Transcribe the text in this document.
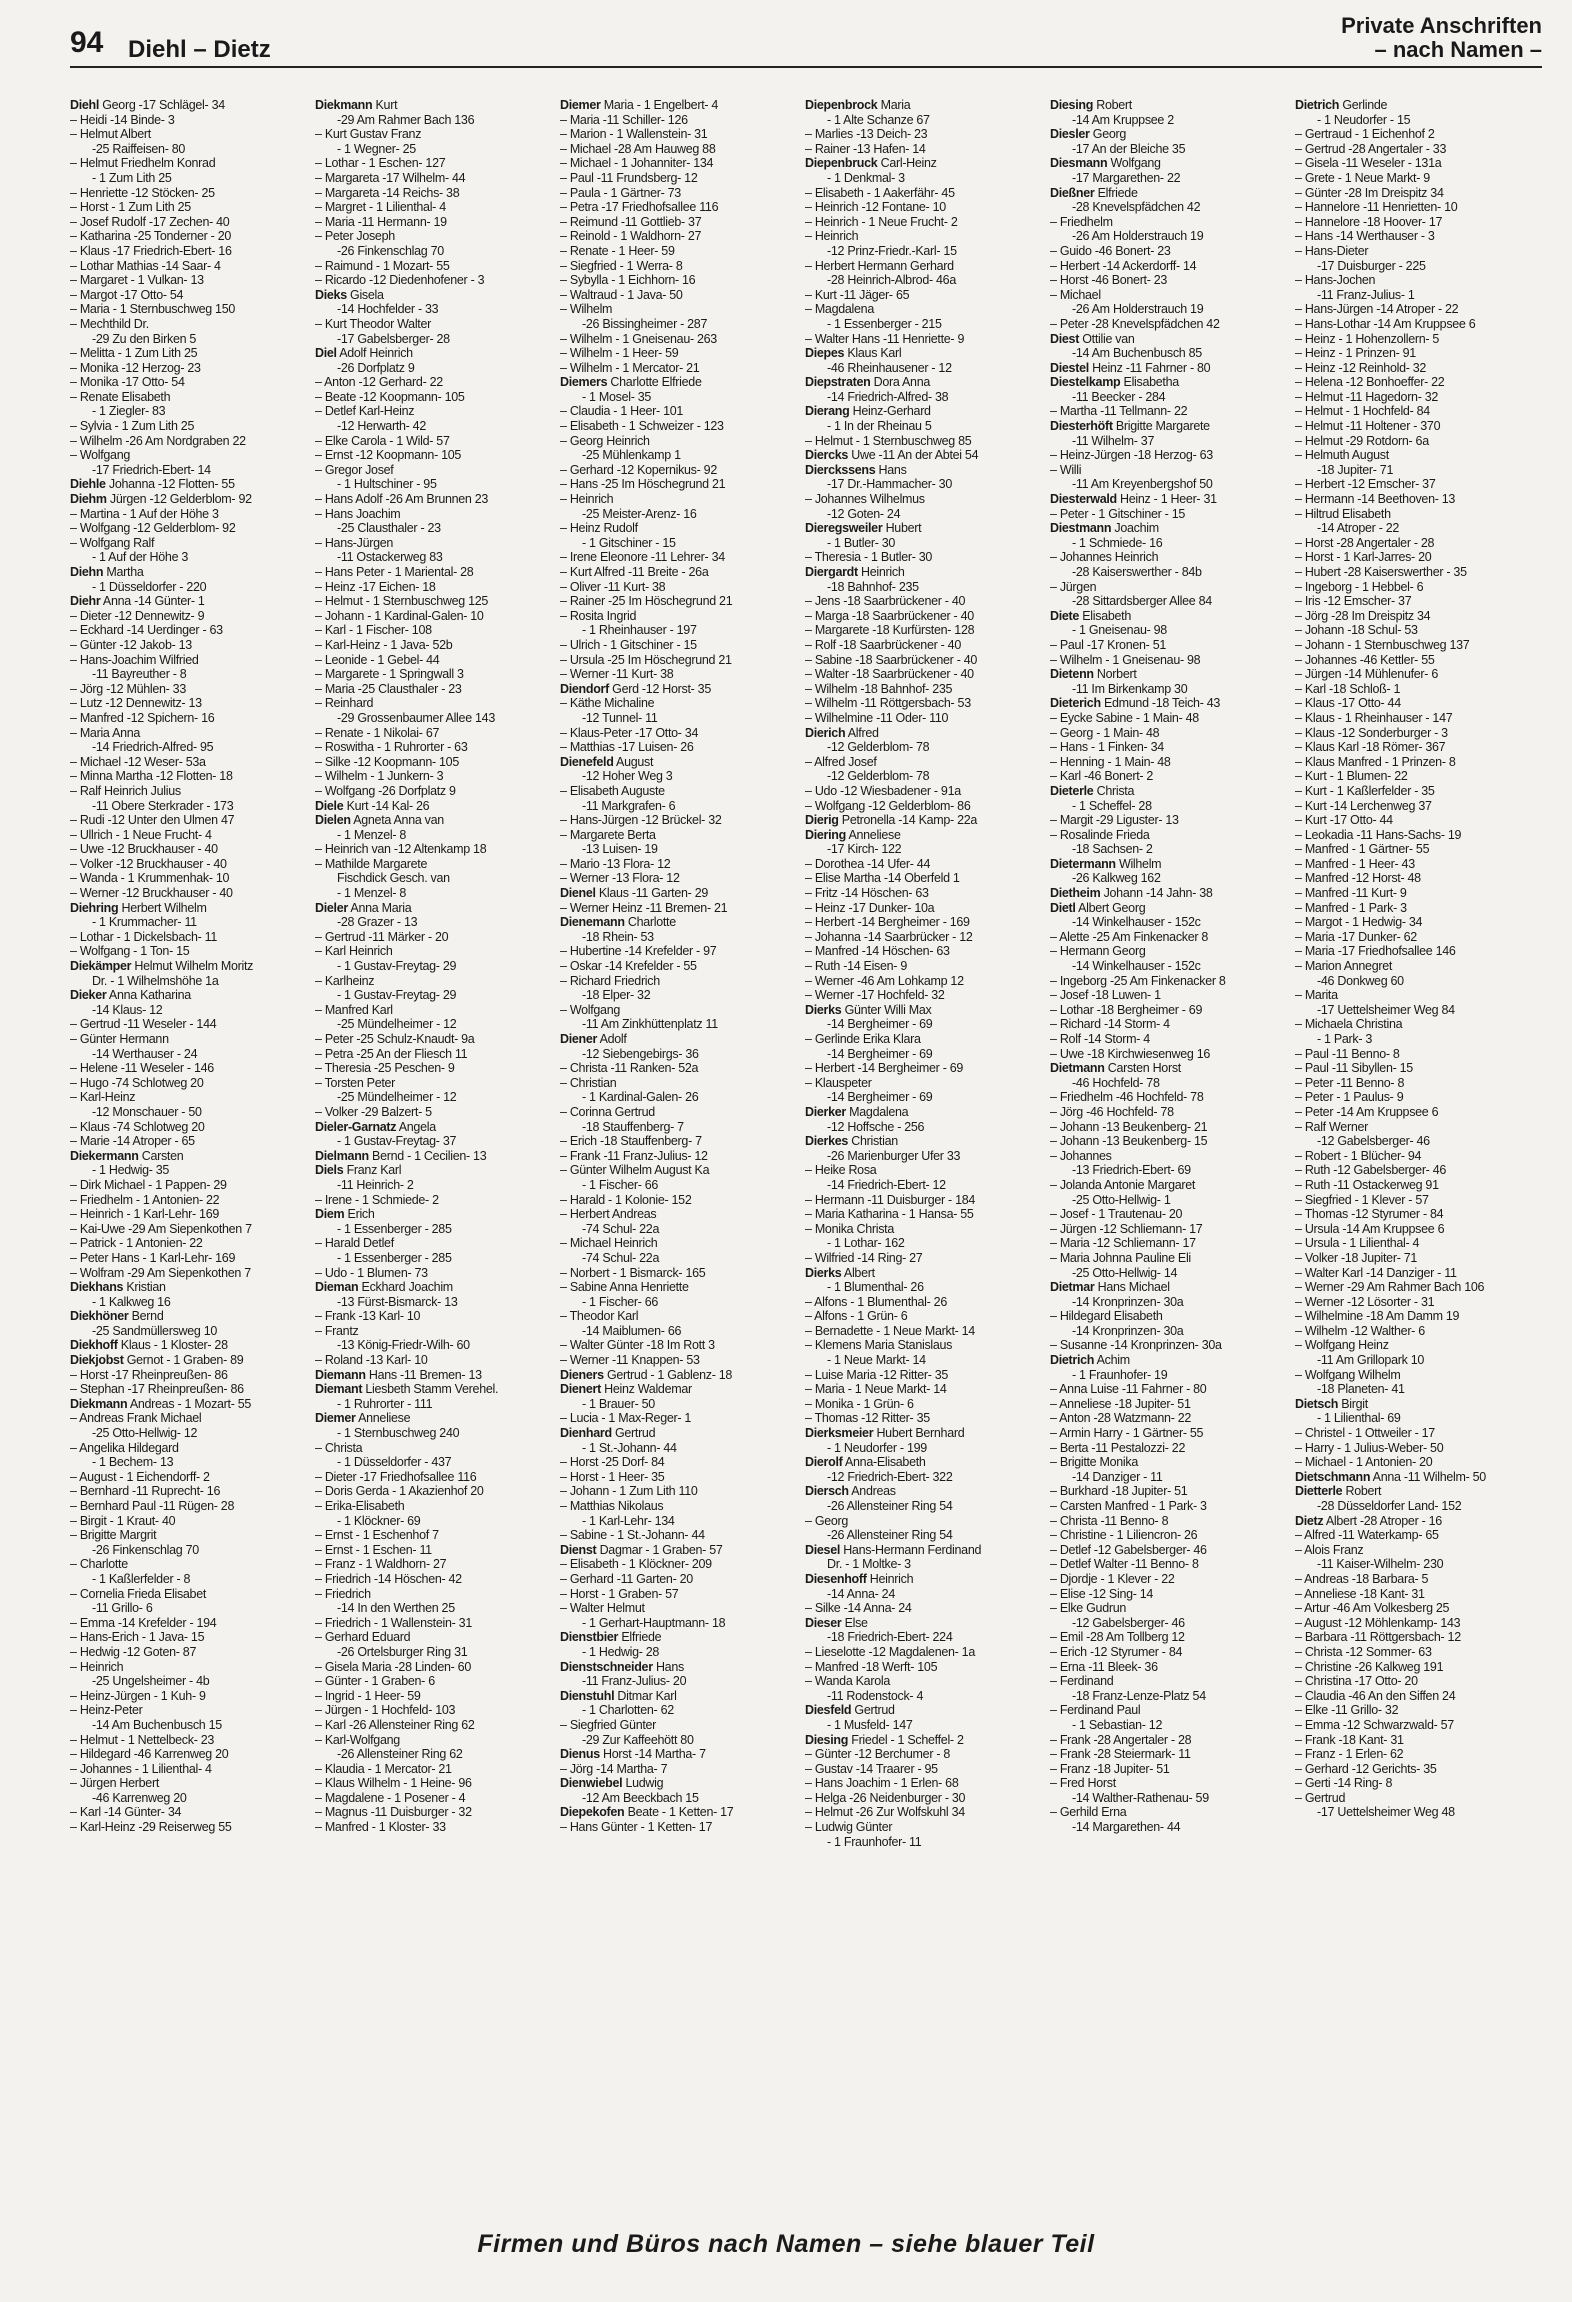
94 Diehl – Dietz
Private Anschriften
– nach Namen –
Diehl Georg -17 Schlägel- 34
– Heidi -14 Binde- 3
– Helmut Albert
-25 Raiffeisen- 80
– Helmut Friedhelm Konrad
- 1 Zum Lith 25
– Henriette -12 Stöcken- 25
– Horst - 1 Zum Lith 25
– Josef Rudolf -17 Zechen- 40
– Katharina -25 Tonderner - 20
– Klaus -17 Friedrich-Ebert- 16
– Lothar Mathias -14 Saar- 4
– Margaret - 1 Vulkan- 13
– Margot -17 Otto- 54
– Maria - 1 Sternbuschweg 150
– Mechthild Dr.
-29 Zu den Birken 5
– Melitta - 1 Zum Lith 25
– Monika -12 Herzog- 23
– Monika -17 Otto- 54
– Renate Elisabeth
- 1 Ziegler- 83
– Sylvia - 1 Zum Lith 25
– Wilhelm -26 Am Nordgraben 22
– Wolfgang
-17 Friedrich-Ebert- 14
Diehle Johanna -12 Flotten- 55
Diehm Jürgen -12 Gelderblom- 92
– Martina - 1 Auf der Höhe 3
– Wolfgang -12 Gelderblom- 92
– Wolfgang Ralf
- 1 Auf der Höhe 3
Diehn Martha
- 1 Düsseldorfer - 220
Diehr Anna -14 Günter- 1
– Dieter -12 Dennewitz- 9
– Eckhard -14 Uerdinger - 63
– Günter -12 Jakob- 13
– Hans-Joachim Wilfried
-11 Bayreuther - 8
– Jörg -12 Mühlen- 33
– Lutz -12 Dennewitz- 13
– Manfred -12 Spichern- 16
– Maria Anna
-14 Friedrich-Alfred- 95
– Michael -12 Weser- 53a
– Minna Martha -12 Flotten- 18
– Ralf Heinrich Julius
-11 Obere Sterkrader - 173
– Rudi -12 Unter den Ulmen 47
– Ullrich - 1 Neue Frucht- 4
– Uwe -12 Bruckhauser - 40
– Volker -12 Bruckhauser - 40
– Wanda - 1 Krummenhak- 10
– Werner -12 Bruckhauser - 40
Diehring Herbert Wilhelm
- 1 Krummacher- 11
– Lothar - 1 Dickelsbach- 11
– Wolfgang - 1 Ton- 15
Diekämper Helmut Wilhelm Moritz
Dr. - 1 Wilhelmshöhe 1a
Dieker Anna Katharina
-14 Klaus- 12
– Gertrud -11 Weseler - 144
– Günter Hermann
-14 Werthauser - 24
– Helene -11 Weseler - 146
– Hugo -74 Schlotweg 20
– Karl-Heinz
-12 Monschauer - 50
– Klaus -74 Schlotweg 20
– Marie -14 Atroper - 65
Diekermann Carsten
- 1 Hedwig- 35
– Dirk Michael - 1 Pappen- 29
– Friedhelm - 1 Antonien- 22
– Heinrich - 1 Karl-Lehr- 169
– Kai-Uwe -29 Am Siepenkothen 7
– Patrick - 1 Antonien- 22
– Peter Hans - 1 Karl-Lehr- 169
– Wolfram -29 Am Siepenkothen 7
Diekhans Kristian
- 1 Kalkweg 16
Diekhöner Bernd
-25 Sandmüllersweg 10
Diekhoff Klaus - 1 Kloster- 28
Diekjobst Gernot - 1 Graben- 89
– Horst -17 Rheinpreußen- 86
– Stephan -17 Rheinpreußen- 86
Diekmann Andreas - 1 Mozart- 55
– Andreas Frank Michael
-25 Otto-Hellwig- 12
– Angelika Hildegard
- 1 Bechem- 13
– August - 1 Eichendorff- 2
– Bernhard -11 Ruprecht- 16
– Bernhard Paul -11 Rügen- 28
– Birgit - 1 Kraut- 40
– Brigitte Margrit
-26 Finkenschlag 70
– Charlotte
- 1 Kaßlerfelder - 8
– Cornelia Frieda Elisabet
-11 Grillo- 6
– Emma -14 Krefelder - 194
– Hans-Erich - 1 Java- 15
– Hedwig -12 Goten- 87
– Heinrich
-25 Ungelsheimer - 4b
– Heinz-Jürgen - 1 Kuh- 9
– Heinz-Peter
-14 Am Buchenbusch 15
– Helmut - 1 Nettelbeck- 23
– Hildegard -46 Karrenweg 20
– Johannes - 1 Lilienthal- 4
– Jürgen Herbert
-46 Karrenweg 20
– Karl -14 Günter- 34
– Karl-Heinz -29 Reiserweg 55
Diekmann Kurt
-29 Am Rahmer Bach 136
– Kurt Gustav Franz
- 1 Wegner- 25
– Lothar - 1 Eschen- 127
– Margareta -17 Wilhelm- 44
– Margareta -14 Reichs- 38
– Margret - 1 Lilienthal- 4
– Maria -11 Hermann- 19
– Peter Joseph
-26 Finkenschlag 70
– Raimund - 1 Mozart- 55
– Ricardo -12 Diedenhofener - 3
Dieks Gisela
-14 Hochfelder - 33
– Kurt Theodor Walter
-17 Gabelsberger- 28
Diel Adolf Heinrich
-26 Dorfplatz 9
– Anton -12 Gerhard- 22
– Beate -12 Koopmann- 105
– Detlef Karl-Heinz
-12 Herwarth- 42
– Elke Carola - 1 Wild- 57
– Ernst -12 Koopmann- 105
– Gregor Josef
- 1 Hultschiner - 95
– Hans Adolf -26 Am Brunnen 23
– Hans Joachim
-25 Clausthaler - 23
– Hans-Jürgen
-11 Ostackerweg 83
– Hans Peter - 1 Mariental- 28
– Heinz -17 Eichen- 18
– Helmut - 1 Sternbuschweg 125
– Johann - 1 Kardinal-Galen- 10
– Karl - 1 Fischer- 108
– Karl-Heinz - 1 Java- 52b
– Leonide - 1 Gebel- 44
– Margarete - 1 Springwall 3
– Maria -25 Clausthaler - 23
– Reinhard
-29 Grossenbaumer Allee 143
– Renate - 1 Nikolai- 67
– Roswitha - 1 Ruhrorter - 63
– Silke -12 Koopmann- 105
– Wilhelm - 1 Junkern- 3
– Wolfgang -26 Dorfplatz 9
Diele Kurt -14 Kal- 26
Dielen Agneta Anna van
- 1 Menzel- 8
– Heinrich van -12 Altenkamp 18
– Mathilde Margarete
Fischdick Gesch. van
- 1 Menzel- 8
Dieler Anna Maria
-28 Grazer - 13
– Gertrud -11 Märker - 20
– Karl Heinrich
- 1 Gustav-Freytag- 29
– Karlheinz
- 1 Gustav-Freytag- 29
– Manfred Karl
-25 Mündelheimer - 12
– Peter -25 Schulz-Knaudt- 9a
– Petra -25 An der Fliesch 11
– Theresia -25 Peschen- 9
– Torsten Peter
-25 Mündelheimer - 12
– Volker -29 Balzert- 5
Dieler-Garnatz Angela
- 1 Gustav-Freytag- 37
Dielmann Bernd - 1 Cecilien- 13
Diels Franz Karl
-11 Heinrich- 2
– Irene - 1 Schmiede- 2
Diem Erich
- 1 Essenberger - 285
– Harald Detlef
- 1 Essenberger - 285
– Udo - 1 Blumen- 73
Dieman Eckhard Joachim
-13 Fürst-Bismarck- 13
– Frank -13 Karl- 10
– Frantz
-13 König-Friedr-Wilh- 60
– Roland -13 Karl- 10
Diemann Hans -11 Bremen- 13
Diemant Liesbeth Stamm Verehel.
- 1 Ruhrorter - 111
Diemer Anneliese
- 1 Sternbuschweg 240
– Christa
- 1 Düsseldorfer - 437
– Dieter -17 Friedhofsallee 116
– Doris Gerda - 1 Akazienhof 20
– Erika-Elisabeth
- 1 Klöckner- 69
– Ernst - 1 Eschenhof 7
– Ernst - 1 Eschen- 11
– Franz - 1 Waldhorn- 27
– Friedrich -14 Höschen- 42
– Friedrich
-14 In den Werthen 25
– Friedrich - 1 Wallenstein- 31
– Gerhard Eduard
-26 Ortelsburger Ring 31
– Gisela Maria -28 Linden- 60
– Günter - 1 Graben- 6
– Ingrid - 1 Heer- 59
– Jürgen - 1 Hochfeld- 103
– Karl -26 Allensteiner Ring 62
– Karl-Wolfgang
-26 Allensteiner Ring 62
– Klaudia - 1 Mercator- 21
– Klaus Wilhelm - 1 Heine- 96
– Magdalene - 1 Posener - 4
– Magnus -11 Duisburger - 32
– Manfred - 1 Kloster- 33
Diemer Maria - 1 Engelbert- 4
– Maria -11 Schiller- 126
– Marion - 1 Wallenstein- 31
– Michael -28 Am Hauweg 88
– Michael - 1 Johanniter- 134
– Paul -11 Frundsberg- 12
– Paula - 1 Gärtner- 73
– Petra -17 Friedhofsallee 116
– Reimund -11 Gottlieb- 37
– Reinold - 1 Waldhorn- 27
– Renate - 1 Heer- 59
– Siegfried - 1 Werra- 8
– Sybylla - 1 Eichhorn- 16
– Waltraud - 1 Java- 50
– Wilhelm
-26 Bissingheimer - 287
– Wilhelm - 1 Gneisenau- 263
– Wilhelm - 1 Heer- 59
– Wilhelm - 1 Mercator- 21
Diemers Charlotte Elfriede
- 1 Mosel- 35
– Claudia - 1 Heer- 101
– Elisabeth - 1 Schweizer - 123
– Georg Heinrich
-25 Mühlenkamp 1
– Gerhard -12 Kopernikus- 92
– Hans -25 Im Höschegrund 21
– Heinrich
-25 Meister-Arenz- 16
– Heinz Rudolf
- 1 Gitschiner - 15
– Irene Eleonore -11 Lehrer- 34
– Kurt Alfred -11 Breite - 26a
– Oliver -11 Kurt- 38
– Rainer -25 Im Höschegrund 21
– Rosita Ingrid
- 1 Rheinhauser - 197
– Ulrich - 1 Gitschiner - 15
– Ursula -25 Im Höschegrund 21
– Werner -11 Kurt- 38
Diendorf Gerd -12 Horst- 35
– Käthe Michaline
-12 Tunnel- 11
– Klaus-Peter -17 Otto- 34
– Matthias -17 Luisen- 26
Dienefeld August
-12 Hoher Weg 3
– Elisabeth Auguste
-11 Markgrafen- 6
– Hans-Jürgen -12 Brückel- 32
– Margarete Berta
-13 Luisen- 19
– Mario -13 Flora- 12
– Werner -13 Flora- 12
Dienel Klaus -11 Garten- 29
– Werner Heinz -11 Bremen- 21
Dienemann Charlotte
-18 Rhein- 53
– Hubertine -14 Krefelder - 97
– Oskar -14 Krefelder - 55
– Richard Friedrich
-18 Elper- 32
– Wolfgang
-11 Am Zinkhüttenplatz 11
Diener Adolf
-12 Siebengebirgs- 36
– Christa -11 Ranken- 52a
– Christian
- 1 Kardinal-Galen- 26
– Corinna Gertrud
-18 Stauffenberg- 7
– Erich -18 Stauffenberg- 7
– Frank -11 Franz-Julius- 12
– Günter Wilhelm August Ka
- 1 Fischer- 66
– Harald - 1 Kolonie- 152
– Herbert Andreas
-74 Schul- 22a
– Michael Heinrich
-74 Schul- 22a
– Norbert - 1 Bismarck- 165
– Sabine Anna Henriette
- 1 Fischer- 66
– Theodor Karl
-14 Maiblumen- 66
– Walter Günter -18 Im Rott 3
– Werner -11 Knappen- 53
Dieners Gertrud - 1 Gablenz- 18
Dienert Heinz Waldemar
- 1 Brauer- 50
– Lucia - 1 Max-Reger- 1
Dienhard Gertrud
- 1 St.-Johann- 44
– Horst -25 Dorf- 84
– Horst - 1 Heer- 35
– Johann - 1 Zum Lith 110
– Matthias Nikolaus
- 1 Karl-Lehr- 134
– Sabine - 1 St.-Johann- 44
Dienst Dagmar - 1 Graben- 57
– Elisabeth - 1 Klöckner- 209
– Gerhard -11 Garten- 20
– Horst - 1 Graben- 57
– Walter Helmut
- 1 Gerhart-Hauptmann- 18
Dienstbier Elfriede
- 1 Hedwig- 28
Dienstschneider Hans
-11 Franz-Julius- 20
Dienstuhl Ditmar Karl
- 1 Charlotten- 62
– Siegfried Günter
-29 Zur Kaffeehött 80
Dienus Horst -14 Martha- 7
– Jörg -14 Martha- 7
Dienwiebel Ludwig
-12 Am Beeckbach 15
Diepekofen Beate - 1 Ketten- 17
– Hans Günter - 1 Ketten- 17
Diepenbrock Maria
- 1 Alte Schanze 67
– Marlies -13 Deich- 23
– Rainer -13 Hafen- 14
Diepenbruck Carl-Heinz
- 1 Denkmal- 3
– Elisabeth - 1 Aakerfähr- 45
– Heinrich -12 Fontane- 10
– Heinrich - 1 Neue Frucht- 2
– Heinrich
-12 Prinz-Friedr.-Karl- 15
– Herbert Hermann Gerhard
-28 Heinrich-Albrod- 46a
– Kurt -11 Jäger- 65
– Magdalena
- 1 Essenberger - 215
– Walter Hans -11 Henriette- 9
Diepes Klaus Karl
-46 Rheinhausener - 12
Diepstraten Dora Anna
-14 Friedrich-Alfred- 38
Dierang Heinz-Gerhard
- 1 In der Rheinau 5
– Helmut - 1 Sternbuschweg 85
Diercks Uwe -11 An der Abtei 54
Dierckssens Hans
-17 Dr.-Hammacher- 30
– Johannes Wilhelmus
-12 Goten- 24
Dieregsweiler Hubert
- 1 Butler- 30
– Theresia - 1 Butler- 30
Diergardt Heinrich
-18 Bahnhof- 235
– Jens -18 Saarbrückener - 40
– Marga -18 Saarbrückener - 40
– Margarete -18 Kurfürsten- 128
– Rolf -18 Saarbrückener - 40
– Sabine -18 Saarbrückener - 40
– Walter -18 Saarbrückener - 40
– Wilhelm -18 Bahnhof- 235
– Wilhelm -11 Röttgersbach- 53
– Wilhelmine -11 Oder- 110
Dierich Alfred
-12 Gelderblom- 78
– Alfred Josef
-12 Gelderblom- 78
– Udo -12 Wiesbadener - 91a
– Wolfgang -12 Gelderblom- 86
Dierig Petronella -14 Kamp- 22a
Diering Anneliese
-17 Kirch- 122
– Dorothea -14 Ufer- 44
– Elise Martha -14 Oberfeld 1
– Fritz -14 Höschen- 63
– Heinz -17 Dunker- 10a
– Herbert -14 Bergheimer - 169
– Johanna -14 Saarbrücker - 12
– Manfred -14 Höschen- 63
– Ruth -14 Eisen- 9
– Werner -46 Am Lohkamp 12
– Werner -17 Hochfeld- 32
Dierks Günter Willi Max
-14 Bergheimer - 69
– Gerlinde Erika Klara
-14 Bergheimer - 69
– Herbert -14 Bergheimer - 69
– Klauspeter
-14 Bergheimer - 69
Dierker Magdalena
-12 Hoffsche - 256
Dierkes Christian
-26 Marienburger Ufer 33
– Heike Rosa
-14 Friedrich-Ebert- 12
– Hermann -11 Duisburger - 184
– Maria Katharina - 1 Hansa- 55
– Monika Christa
- 1 Lothar- 162
– Wilfried -14 Ring- 27
Dierks Albert
- 1 Blumenthal- 26
– Alfons - 1 Blumenthal- 26
– Alfons - 1 Grün- 6
– Bernadette - 1 Neue Markt- 14
– Klemens Maria Stanislaus
- 1 Neue Markt- 14
– Luise Maria -12 Ritter- 35
– Maria - 1 Neue Markt- 14
– Monika - 1 Grün- 6
– Thomas -12 Ritter- 35
Dierksmeier Hubert Bernhard
- 1 Neudorfer - 199
Dierolf Anna-Elisabeth
-12 Friedrich-Ebert- 322
Diersch Andreas
-26 Allensteiner Ring 54
– Georg
-26 Allensteiner Ring 54
Diesel Hans-Hermann Ferdinand
Dr. - 1 Moltke- 3
Diesenhoff Heinrich
-14 Anna- 24
– Silke -14 Anna- 24
Dieser Else
-18 Friedrich-Ebert- 224
– Lieselotte -12 Magdalenen- 1a
– Manfred -18 Werft- 105
– Wanda Karola
-11 Rodenstock- 4
Diesfeld Gertrud
- 1 Musfeld- 147
Diesing Friedel - 1 Scheffel- 2
– Günter -12 Berchumer - 8
– Gustav -14 Traarer - 95
– Hans Joachim - 1 Erlen- 68
– Helga -26 Neidenburger - 30
– Helmut -26 Zur Wolfskuhl 34
– Ludwig Günter
- 1 Fraunhofer- 11
Diesing Robert
-14 Am Kruppsee 2
Diesler Georg
-17 An der Bleiche 35
Diesmann Wolfgang
-17 Margarethen- 22
Dießner Elfriede
-28 Knevelspfädchen 42
– Friedhelm
-26 Am Holderstrauch 19
– Guido -46 Bonert- 23
– Herbert -14 Ackerdorff- 14
– Horst -46 Bonert- 23
– Michael
-26 Am Holderstrauch 19
– Peter -28 Knevelspfädchen 42
Diest Ottilie van
-14 Am Buchenbusch 85
Diestel Heinz -11 Fahrner - 80
Diestelkamp Elisabetha
-11 Beecker - 284
– Martha -11 Tellmann- 22
Diesterhöft Brigitte Margarete
-11 Wilhelm- 37
– Heinz-Jürgen -18 Herzog- 63
– Willi
-11 Am Kreyenbergshof 50
Diesterwald Heinz - 1 Heer- 31
– Peter - 1 Gitschiner - 15
Diestmann Joachim
- 1 Schmiede- 16
– Johannes Heinrich
-28 Kaiserswerther - 84b
– Jürgen
-28 Sittardsberger Allee 84
Diete Elisabeth
- 1 Gneisenau- 98
– Paul -17 Kronen- 51
– Wilhelm - 1 Gneisenau- 98
Dietenn Norbert
-11 Im Birkenkamp 30
Dieterich Edmund -18 Teich- 43
– Eycke Sabine - 1 Main- 48
– Georg - 1 Main- 48
– Hans - 1 Finken- 34
– Henning - 1 Main- 48
– Karl -46 Bonert- 2
Dieterle Christa
- 1 Scheffel- 28
– Margit -29 Liguster- 13
– Rosalinde Frieda
-18 Sachsen- 2
Dietermann Wilhelm
-26 Kalkweg 162
Dietheim Johann -14 Jahn- 38
Dietl Albert Georg
-14 Winkelhauser - 152c
– Alette -25 Am Finkenacker 8
– Hermann Georg
-14 Winkelhauser - 152c
– Ingeborg -25 Am Finkenacker 8
– Josef -18 Luwen- 1
– Lothar -18 Bergheimer - 69
– Richard -14 Storm- 4
– Rolf -14 Storm- 4
– Uwe -18 Kirchwiesenweg 16
Dietmann Carsten Horst
-46 Hochfeld- 78
– Friedhelm -46 Hochfeld- 78
– Jörg -46 Hochfeld- 78
– Johann -13 Beukenberg- 21
– Johann -13 Beukenberg- 15
– Johannes
-13 Friedrich-Ebert- 69
– Jolanda Antonie Margaret
-25 Otto-Hellwig- 1
– Josef - 1 Trautenau- 20
– Jürgen -12 Schliemann- 17
– Maria -12 Schliemann- 17
– Maria Johnna Pauline Eli
-25 Otto-Hellwig- 14
Dietmar Hans Michael
-14 Kronprinzen- 30a
– Hildegard Elisabeth
-14 Kronprinzen- 30a
– Susanne -14 Kronprinzen- 30a
Dietrich Achim
- 1 Fraunhofer- 19
– Anna Luise -11 Fahrner - 80
– Anneliese -18 Jupiter- 51
– Anton -28 Watzmann- 22
– Armin Harry - 1 Gärtner- 55
– Berta -11 Pestalozzi- 22
– Brigitte Monika
-14 Danziger - 11
– Burkhard -18 Jupiter- 51
– Carsten Manfred - 1 Park- 3
– Christa -11 Benno- 8
– Christine - 1 Liliencron- 26
– Detlef -12 Gabelsberger- 46
– Detlef Walter -11 Benno- 8
– Djordje - 1 Klever - 22
– Elise -12 Sing- 14
– Elke Gudrun
-12 Gabelsberger- 46
– Emil -28 Am Tollberg 12
– Erich -12 Styrumer - 84
– Erna -11 Bleek- 36
– Ferdinand
-18 Franz-Lenze-Platz 54
– Ferdinand Paul
- 1 Sebastian- 12
– Frank -28 Angertaler - 28
– Frank -28 Steiermark- 11
– Franz -18 Jupiter- 51
– Fred Horst
-14 Walther-Rathenau- 59
– Gerhild Erna
-14 Margarethen- 44
Dietrich Gerlinde
- 1 Neudorfer - 15
– Gertraud - 1 Eichenhof 2
– Gertrud -28 Angertaler - 33
– Gisela -11 Weseler - 131a
– Grete - 1 Neue Markt- 9
– Günter -28 Im Dreispitz 34
– Hannelore -11 Henrietten- 10
– Hannelore -18 Hoover- 17
– Hans -14 Werthauser - 3
– Hans-Dieter
-17 Duisburger - 225
– Hans-Jochen
-11 Franz-Julius- 1
– Hans-Jürgen -14 Atroper - 22
– Hans-Lothar -14 Am Kruppsee 6
– Heinz - 1 Hohenzollern- 5
– Heinz - 1 Prinzen- 91
– Heinz -12 Reinhold- 32
– Helena -12 Bonhoeffer- 22
– Helmut -11 Hagedorn- 32
– Helmut - 1 Hochfeld- 84
– Helmut -11 Holtener - 370
– Helmut -29 Rotdorn- 6a
– Helmuth August
-18 Jupiter- 71
– Herbert -12 Emscher- 37
– Hermann -14 Beethoven- 13
– Hiltrud Elisabeth
-14 Atroper - 22
– Horst -28 Angertaler - 28
– Horst - 1 Karl-Jarres- 20
– Hubert -28 Kaiserswerther - 35
– Ingeborg - 1 Hebbel- 6
– Iris -12 Emscher- 37
– Jörg -28 Im Dreispitz 34
– Johann -18 Schul- 53
– Johann - 1 Sternbuschweg 137
– Johannes -46 Kettler- 55
– Jürgen -14 Mühlenufer- 6
– Karl -18 Schloß- 1
– Klaus -17 Otto- 44
– Klaus - 1 Rheinhauser - 147
– Klaus -12 Sonderburger - 3
– Klaus Karl -18 Römer- 367
– Klaus Manfred - 1 Prinzen- 8
– Kurt - 1 Blumen- 22
– Kurt - 1 Kaßlerfelder - 35
– Kurt -14 Lerchenweg 37
– Kurt -17 Otto- 44
– Leokadia -11 Hans-Sachs- 19
– Manfred - 1 Gärtner- 55
– Manfred - 1 Heer- 43
– Manfred -12 Horst- 48
– Manfred -11 Kurt- 9
– Manfred - 1 Park- 3
– Margot - 1 Hedwig- 34
– Maria -17 Dunker- 62
– Maria -17 Friedhofsallee 146
– Marion Annegret
-46 Donkweg 60
– Marita
-17 Uettelsheimer Weg 84
– Michaela Christina
- 1 Park- 3
– Paul -11 Benno- 8
– Paul -11 Sibyllen- 15
– Peter -11 Benno- 8
– Peter - 1 Paulus- 9
– Peter -14 Am Kruppsee 6
– Ralf Werner
-12 Gabelsberger- 46
– Robert - 1 Blücher- 94
– Ruth -12 Gabelsberger- 46
– Ruth -11 Ostackerweg 91
– Siegfried - 1 Klever - 57
– Thomas -12 Styrumer - 84
– Ursula -14 Am Kruppsee 6
– Ursula - 1 Lilienthal- 4
– Volker -18 Jupiter- 71
– Walter Karl -14 Danziger - 11
– Werner -29 Am Rahmer Bach 106
– Werner -12 Lösorter - 31
– Wilhelmine -18 Am Damm 19
– Wilhelm -12 Walther- 6
– Wolfgang Heinz
-11 Am Grillopark 10
– Wolfgang Wilhelm
-18 Planeten- 41
Dietsch Birgit
- 1 Lilienthal- 69
– Christel - 1 Ottweiler - 17
– Harry - 1 Julius-Weber- 50
– Michael - 1 Antonien- 20
Dietschmann Anna -11 Wilhelm- 50
Dietterle Robert
-28 Düsseldorfer Land- 152
Dietz Albert -28 Atroper - 16
– Alfred -11 Waterkamp- 65
– Alois Franz
-11 Kaiser-Wilhelm- 230
– Andreas -18 Barbara- 5
– Anneliese -18 Kant- 31
– Artur -46 Am Volkesberg 25
– August -12 Möhlenkamp- 143
– Barbara -11 Röttgersbach- 12
– Christa -12 Sommer- 63
– Christine -26 Kalkweg 191
– Christina -17 Otto- 20
– Claudia -46 An den Siffen 24
– Elke -11 Grillo- 32
– Emma -12 Schwarzwald- 57
– Frank -18 Kant- 31
– Franz - 1 Erlen- 62
– Gerhard -12 Gerichts- 35
– Gerti -14 Ring- 8
– Gertrud
-17 Uettelsheimer Weg 48
Firmen und Büros nach Namen – siehe blauer Teil
